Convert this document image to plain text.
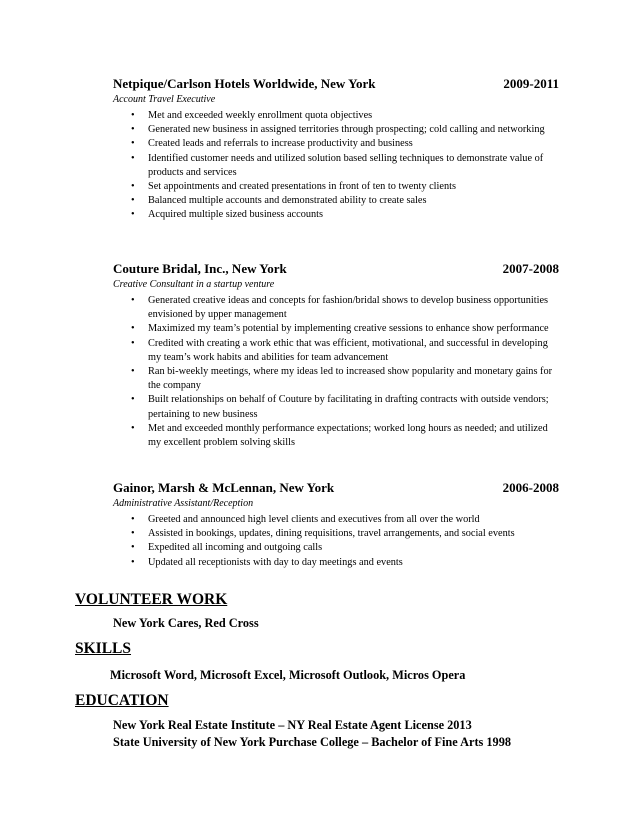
Netpique/Carlson Hotels Worldwide, New York	2009-2011
Account Travel Executive
• Met and exceeded weekly enrollment quota objectives
• Generated new business in assigned territories through prospecting; cold calling and networking
• Created leads and referrals to increase productivity and business
• Identified customer needs and utilized solution based selling techniques to demonstrate value of products and services
• Set appointments and created presentations in front of ten to twenty clients
• Balanced multiple accounts and demonstrated ability to create sales
• Acquired multiple sized business accounts
Couture Bridal, Inc., New York	2007-2008
Creative Consultant in a startup venture
• Generated creative ideas and concepts for fashion/bridal shows to develop business opportunities envisioned by upper management
• Maximized my team’s potential by implementing creative sessions to enhance show performance
• Credited with creating a work ethic that was efficient, motivational, and successful in developing my team’s work habits and abilities for team advancement
• Ran bi-weekly meetings, where my ideas led to increased show popularity and monetary gains for the company
• Built relationships on behalf of Couture by facilitating in drafting contracts with outside vendors; pertaining to new business
• Met and exceeded monthly performance expectations; worked long hours as needed; and utilized my excellent problem solving skills
Gainor, Marsh & McLennan, New York	2006-2008
Administrative Assistant/Reception
• Greeted and announced high level clients and executives from all over the world
• Assisted in bookings, updates, dining requisitions, travel arrangements, and social events
• Expedited all incoming and outgoing calls
• Updated all receptionists with day to day meetings and events
VOLUNTEER WORK
New York Cares, Red Cross
SKILLS
Microsoft Word, Microsoft Excel, Microsoft Outlook, Micros Opera
EDUCATION
New York Real Estate Institute – NY Real Estate Agent License 2013
State University of New York Purchase College – Bachelor of Fine Arts 1998
